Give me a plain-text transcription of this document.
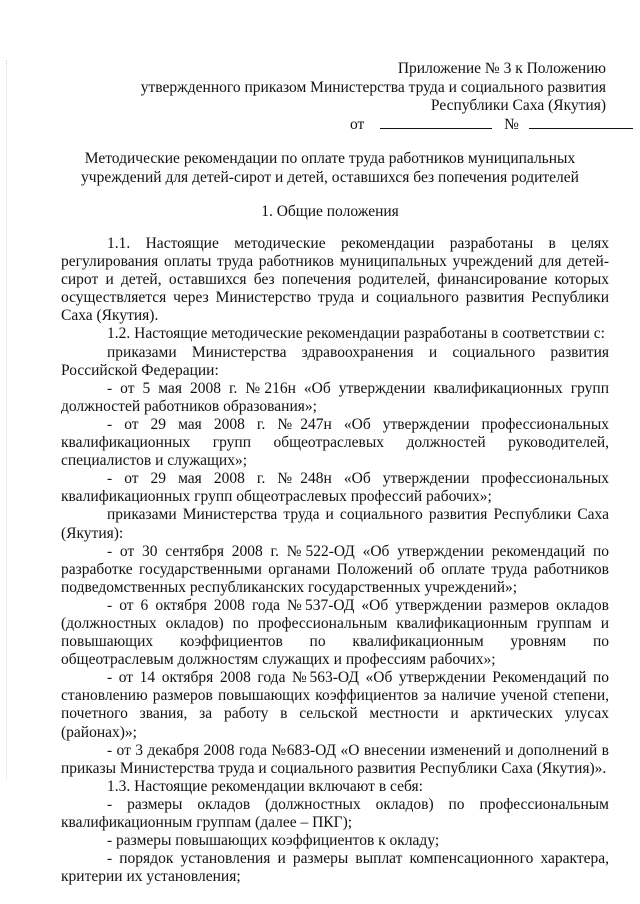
Приложение № 3 к Положению
утвержденного приказом Министерства труда и социального развития
Республики Саха (Якутия)
от	№
Методические рекомендации по оплате труда работников муниципальных
учреждений для детей-сирот и детей, оставшихся без попечения родителей
1. Общие положения

1.1. Настоящие методические рекомендации разработаны в целях регулирования оплаты труда работников муниципальных учреждений для детей-сирот и детей, оставшихся без попечения родителей, финансирование которых осуществляется через Министерство труда и социального развития Республики Саха (Якутия).

1.2. Настоящие методические рекомендации разработаны в соответствии с:

приказами Министерства здравоохранения и социального развития Российской Федерации:

- от 5 мая 2008 г. №216н «Об утверждении квалификационных групп должностей работников образования»;

- от 29 мая 2008 г. №247н «Об утверждении профессиональных квалификационных групп общеотраслевых должностей руководителей, специалистов и служащих»;

- от 29 мая 2008 г. №248н «Об утверждении профессиональных квалификационных групп общеотраслевых профессий рабочих»;

приказами Министерства труда и социального развития Республики Саха (Якутия):

- от 30 сентября 2008 г. №522-ОД «Об утверждении рекомендаций по разработке государственными органами Положений об оплате труда работников подведомственных республиканских государственных учреждений»;

- от 6 октября 2008 года №537-ОД «Об утверждении размеров окладов (должностных окладов) по профессиональным квалификационным группам и повышающих коэффициентов по квалификационным уровням по общеотраслевым должностям служащих и профессиям рабочих»;

- от 14 октября 2008 года №563-ОД «Об утверждении Рекомендаций по становлению размеров повышающих коэффициентов за наличие ученой степени, почетного звания, за работу в сельской местности и арктических улусах (районах)»;

- от 3 декабря 2008 года №683-ОД «О внесении изменений и дополнений в приказы Министерства труда и социального развития Республики Саха (Якутия)».

1.3. Настоящие рекомендации включают в себя:

- размеры окладов (должностных окладов) по профессиональным квалификационным группам (далее – ПКГ);

- размеры повышающих коэффициентов к окладу;

- порядок установления и размеры выплат компенсационного характера, критерии их установления;
